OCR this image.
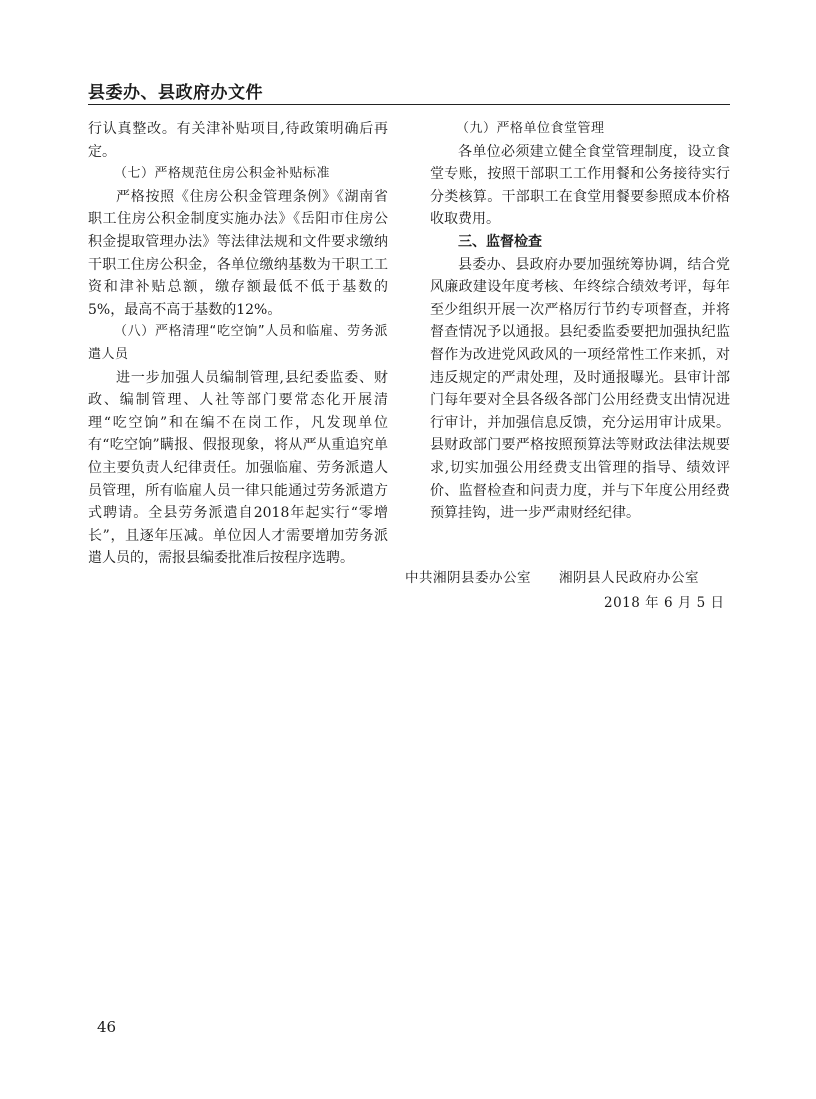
县委办、县政府办文件

行认真整改。有关津补贴项目,待政策明确后再定。

（七）严格规范住房公积金补贴标准

严格按照《住房公积金管理条例》《湖南省职工住房公积金制度实施办法》《岳阳市住房公积金提取管理办法》等法律法规和文件要求缴纳干职工住房公积金，各单位缴纳基数为干职工工资和津补贴总额，缴存额最低不低于基数的5%，最高不高于基数的12%。

（八）严格清理“吃空饷”人员和临雇、劳务派遣人员

进一步加强人员编制管理,县纪委监委、财政、编制管理、人社等部门要常态化开展清理“吃空饷”和在编不在岗工作，凡发现单位有“吃空饷”瞒报、假报现象，将从严从重追究单位主要负责人纪律责任。加强临雇、劳务派遣人员管理，所有临雇人员一律只能通过劳务派遣方式聘请。全县劳务派遣自2018年起实行“零增长”，且逐年压减。单位因人才需要增加劳务派遣人员的，需报县编委批准后按程序选聘。

（九）严格单位食堂管理

各单位必须建立健全食堂管理制度，设立食堂专账，按照干部职工工作用餐和公务接待实行分类核算。干部职工在食堂用餐要参照成本价格收取费用。

三、监督检查

县委办、县政府办要加强统筹协调，结合党风廉政建设年度考核、年终综合绩效考评，每年至少组织开展一次严格厉行节约专项督查，并将督查情况予以通报。县纪委监委要把加强执纪监督作为改进党风政风的一项经常性工作来抓，对违反规定的严肃处理，及时通报曝光。县审计部门每年要对全县各级各部门公用经费支出情况进行审计，并加强信息反馈，充分运用审计成果。县财政部门要严格按照预算法等财政法律法规要求,切实加强公用经费支出管理的指导、绩效评价、监督检查和问责力度，并与下年度公用经费预算挂钩，进一步严肃财经纪律。

中共湘阴县委办公室 湘阴县人民政府办公室
2018 年 6 月 5 日
46
